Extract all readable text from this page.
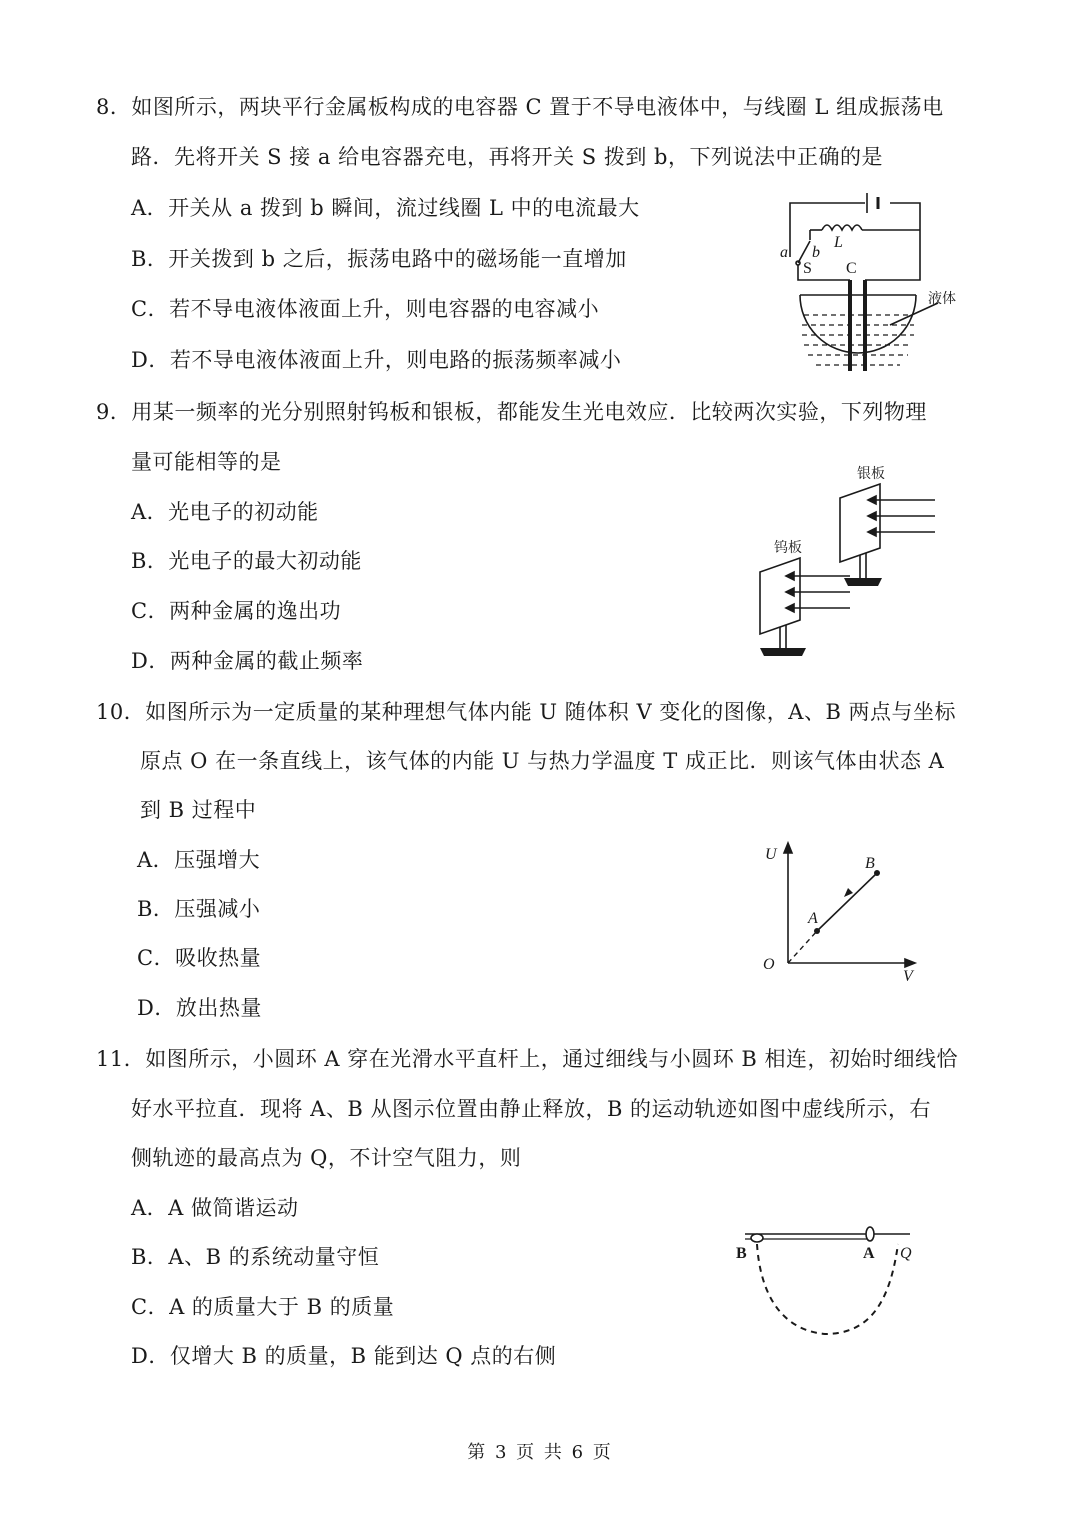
8．如图所示，两块平行金属板构成的电容器 C 置于不导电液体中，与线圈 L 组成振荡电
路．先将开关 S 接 a 给电容器充电，再将开关 S 拨到 b，下列说法中正确的是
A．开关从 a 拨到 b 瞬间，流过线圈 L 中的电流最大
B．开关拨到 b 之后，振荡电路中的磁场能一直增加
C．若不导电液体液面上升，则电容器的电容减小
D．若不导电液体液面上升，则电路的振荡频率减小
a b
S C
L
液体
9．用某一频率的光分别照射钨板和银板，都能发生光电效应．比较两次实验，下列物理
量可能相等的是
A．光电子的初动能
B．光电子的最大初动能
C．两种金属的逸出功
D．两种金属的截止频率
银板
钨板
10．如图所示为一定质量的某种理想气体内能 U 随体积 V 变化的图像，A、B 两点与坐标
原点 O 在一条直线上，该气体的内能 U 与热力学温度 T 成正比．则该气体由状态 A
到 B 过程中
A．压强增大
B．压强减小
C．吸收热量
D．放出热量
U
V
O
A
B
11．如图所示，小圆环 A 穿在光滑水平直杆上，通过细线与小圆环 B 相连，初始时细线恰
好水平拉直．现将 A、B 从图示位置由静止释放，B 的运动轨迹如图中虚线所示，右
侧轨迹的最高点为 Q，不计空气阻力，则
A．A 做简谐运动
B．A、B 的系统动量守恒
C．A 的质量大于 B 的质量
D．仅增大 B 的质量，B 能到达 Q 点的右侧
B	A Q
第 3 页 共 6 页
